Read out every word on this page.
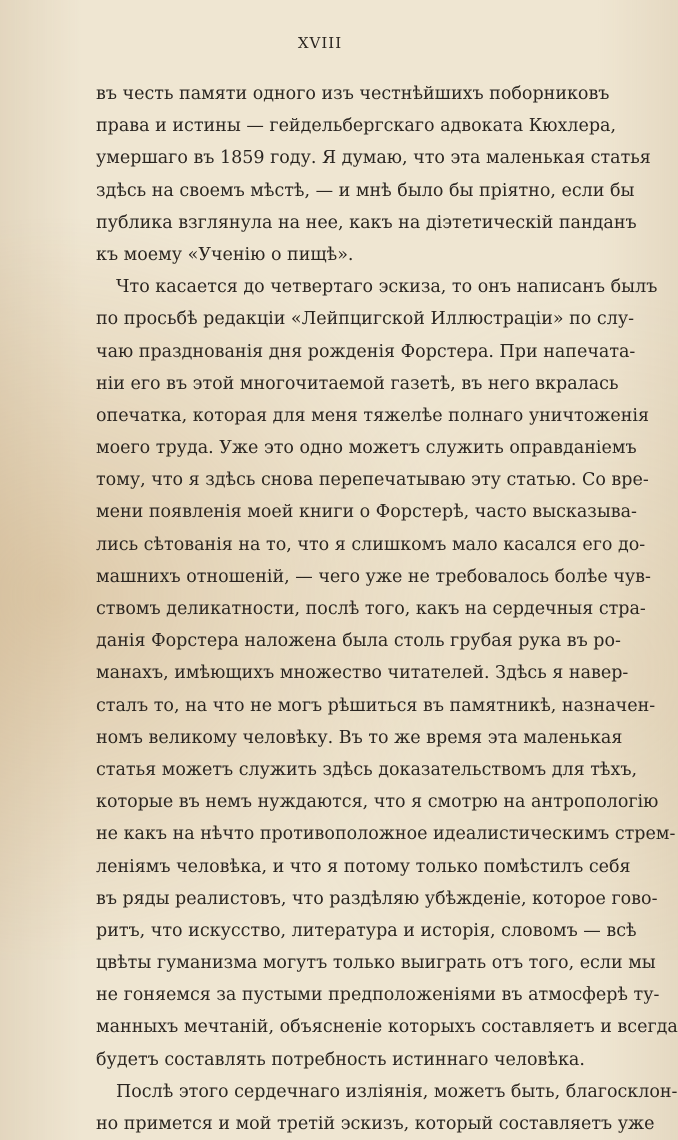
XVIII
въ честь памяти одного изъ честнѣйшихъ поборниковъ
права и истины — гейдельбергскаго адвоката Кюхлера,
умершаго въ 1859 году. Я думаю, что эта маленькая статья
здѣсь на своемъ мѣстѣ, — и мнѣ было бы пріятно, если бы
публика взглянула на нее, какъ на діэтетическій панданъ
къ моему «Ученію о пищѣ».
Что касается до четвертаго эскиза, то онъ написанъ былъ
по просьбѣ редакціи «Лейпцигской Иллюстраціи» по слу-
чаю празднованія дня рожденія Форстера. При напечата-
ніи его въ этой многочитаемой газетѣ, въ него вкралась
опечатка, которая для меня тяжелѣе полнаго уничтоженія
моего труда. Уже это одно можетъ служить оправданіемъ
тому, что я здѣсь снова перепечатываю эту статью. Со вре-
мени появленія моей книги о Форстерѣ, часто высказыва-
лись сѣтованія на то, что я слишкомъ мало касался его до-
машнихъ отношеній, — чего уже не требовалось болѣе чув-
ствомъ деликатности, послѣ того, какъ на сердечныя стра-
данія Форстера наложена была столь грубая рука въ ро-
манахъ, имѣющихъ множество читателей. Здѣсь я навер-
сталъ то, на что не могъ рѣшиться въ памятникѣ, назначен-
номъ великому человѣку. Въ то же время эта маленькая
статья можетъ служить здѣсь доказательствомъ для тѣхъ,
которые въ немъ нуждаются, что я смотрю на антропологію
не какъ на нѣчто противоположное идеалистическимъ стрем-
леніямъ человѣка, и что я потому только помѣстилъ себя
въ ряды реалистовъ, что раздѣляю убѣжденіе, которое гово-
ритъ, что искусство, литература и исторія, словомъ — всѣ
цвѣты гуманизма могутъ только выиграть отъ того, если мы
не гоняемся за пустыми предположеніями въ атмосферѣ ту-
манныхъ мечтаній, объясненіе которыхъ составляетъ и всегда
будетъ составлять потребность истиннаго человѣка.
Послѣ этого сердечнаго изліянія, можетъ быть, благосклон-
но примется и мой третій эскизъ, который составляетъ уже
